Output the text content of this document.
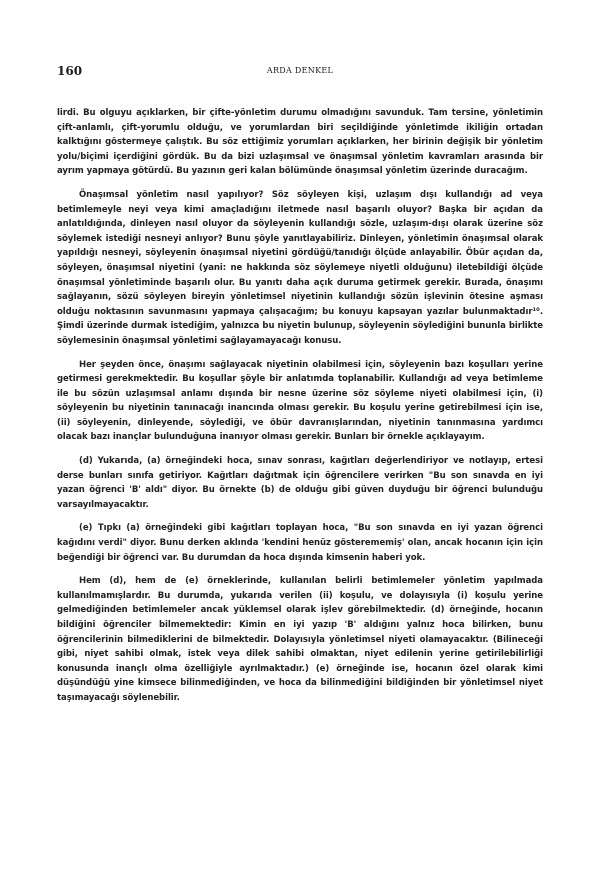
160	ARDA DENKEL

lirdi. Bu olguyu açıklarken, bir çifte-yönletim durumu olmadığını savunduk. Tam tersine, yönletimin çift-anlamlı, çift-yorumlu olduğu, ve yorumlardan biri seçildiğinde yönletimde ikiliğin ortadan kalktığını göstermeye çalıştık. Bu söz ettiğimiz yorumları açıklarken, her birinin değişik bir yönletim yolu/biçimi içerdiğini gördük. Bu da bizi uzlaşımsal ve önaşımsal yönletim kavramları arasında bir ayrım yapmaya götürdü. Bu yazının geri kalan bölümünde önaşımsal yönletim üzerinde duracağım.

Önaşımsal yönletim nasıl yapılıyor? Söz söyleyen kişi, uzlaşım dışı kullandığı ad veya betimlemeyle neyi veya kimi amaçladığını iletmede nasıl başarılı oluyor? Başka bir açıdan da anlatıldığında, dinleyen nasıl oluyor da söyleyenin kullandığı sözle, uzlaşım-dışı olarak üzerine söz söylemek istediği nesneyi anlıyor? Bunu şöyle yanıtlayabiliriz. Dinleyen, yönletimin önaşımsal olarak yapıldığı nesneyi, söyleyenin önaşımsal niyetini gördüğü/tanıdığı ölçüde anlayabilir. Öbür açıdan da, söyleyen, önaşımsal niyetini (yani: ne hakkında söz söylemeye niyetli olduğunu) iletebildiği ölçüde önaşımsal yönletiminde başarılı olur. Bu yanıtı daha açık duruma getirmek gerekir. Burada, önaşımı sağlayanın, sözü söyleyen bireyin yönletimsel niyetinin kullandığı sözün işlevinin ötesine aşması olduğu noktasının savunmasını yapmaya çalışacağım; bu konuyu kapsayan yazılar bulunmaktadır¹⁰. Şimdi üzerinde durmak istediğim, yalnızca bu niyetin bulunup, söyleyenin söylediğini bununla birlikte söylemesinin önaşımsal yönletimi sağlayamayacağı konusu.

Her şeyden önce, önaşımı sağlayacak niyetinin olabilmesi için, söyleyenin bazı koşulları yerine getirmesi gerekmektedir. Bu koşullar şöyle bir anlatımda toplanabilir. Kullandığı ad veya betimleme ile bu sözün uzlaşımsal anlamı dışında bir nesne üzerine söz söyleme niyeti olabilmesi için, (i) söyleyenin bu niyetinin tanınacağı inancında olması gerekir. Bu koşulu yerine getirebilmesi için ise, (ii) söyleyenin, dinleyende, söylediği, ve öbür davranışlarından, niyetinin tanınmasına yardımcı olacak bazı inançlar bulunduğuna inanıyor olması gerekir. Bunları bir örnekle açıklayayım.

(d) Yukarıda, (a) örneğindeki hoca, sınav sonrası, kağıtları değerlendiriyor ve notlayıp, ertesi derse bunları sınıfa getiriyor. Kağıtları dağıtmak için öğrencilere verirken "Bu son sınavda en iyi yazan öğrenci 'B' aldı" diyor. Bu örnekte (b) de olduğu gibi güven duyduğu bir öğrenci bulunduğu varsayılmayacaktır.

(e) Tıpkı (a) örneğindeki gibi kağıtları toplayan hoca, "Bu son sınavda en iyi yazan öğrenci kağıdını verdi" diyor. Bunu derken aklında 'kendini henüz gösterememiş' olan, ancak hocanın için için beğendiği bir öğrenci var. Bu durumdan da hoca dışında kimsenin haberi yok.

Hem (d), hem de (e) örneklerinde, kullanılan belirli betimlemeler yönletim yapılmada kullanılmamışlardır. Bu durumda, yukarıda verilen (ii) koşulu, ve dolayısıyla (i) koşulu yerine gelmediğinden betimlemeler ancak yüklemsel olarak işlev görebilmektedir. (d) örneğinde, hocanın bildiğini öğrenciler bilmemektedir: Kimin en iyi yazıp 'B' aldığını yalnız hoca bilirken, bunu öğrencilerinin bilmediklerini de bilmektedir. Dolayısıyla yönletimsel niyeti olamayacaktır. (Bilineceği gibi, niyet sahibi olmak, istek veya dilek sahibi olmaktan, niyet edilenin yerine getirilebilirliği konusunda inançlı olma özelliğiyle ayrılmaktadır.) (e) örneğinde ise, hocanın özel olarak kimi düşündüğü yine kimsece bilinmediğinden, ve hoca da bilinmediğini bildiğinden bir yönletimsel niyet taşımayacağı söylenebilir.
